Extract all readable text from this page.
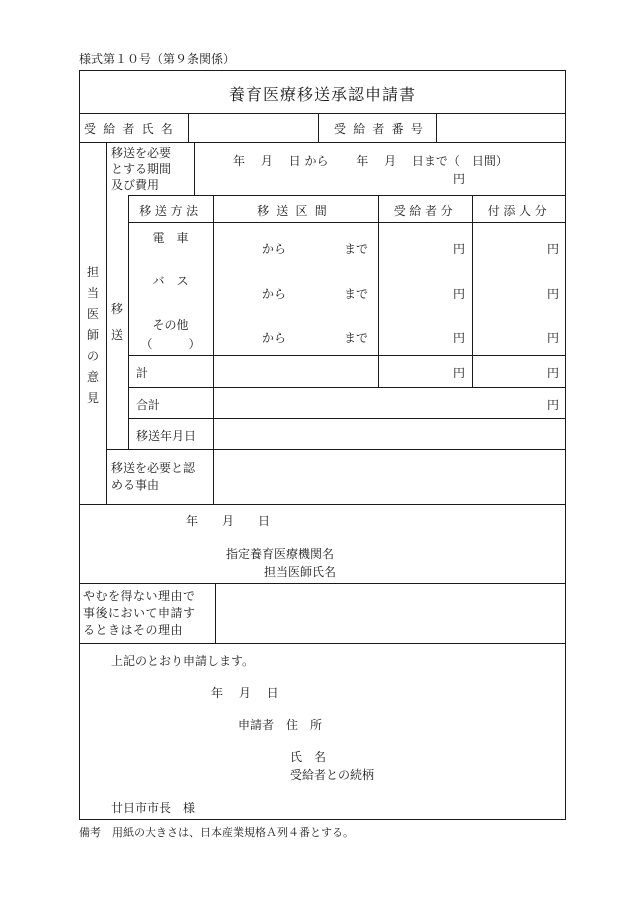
様式第１０号（第９条関係）
養育医療移送承認申請書
受給者氏名	受給者番号
担当医師の意見
移送
移送を必要
とする期間
及び費用
年　 月　 日 から　　 年　 月　 日まで（　日間）
円
移送方法	移送区間	受給者分	付添人分
電　車
から	まで	円	円
バ　ス
から	まで	円	円
その他
（　　　）	から	まで	円	円
計	円	円
合計	円
移送年月日
移送を必要と認
める事由
年　　月　　日
指定養育医療機関名
担当医師氏名
やむを得ない理由で
事後において申請す
るときはその理由
上記のとおり申請します。
年　 月　 日
申請者　住　所
氏　名
受給者との続柄
廿日市市長　様
備考　用紙の大きさは、日本産業規格Ａ列４番とする。
